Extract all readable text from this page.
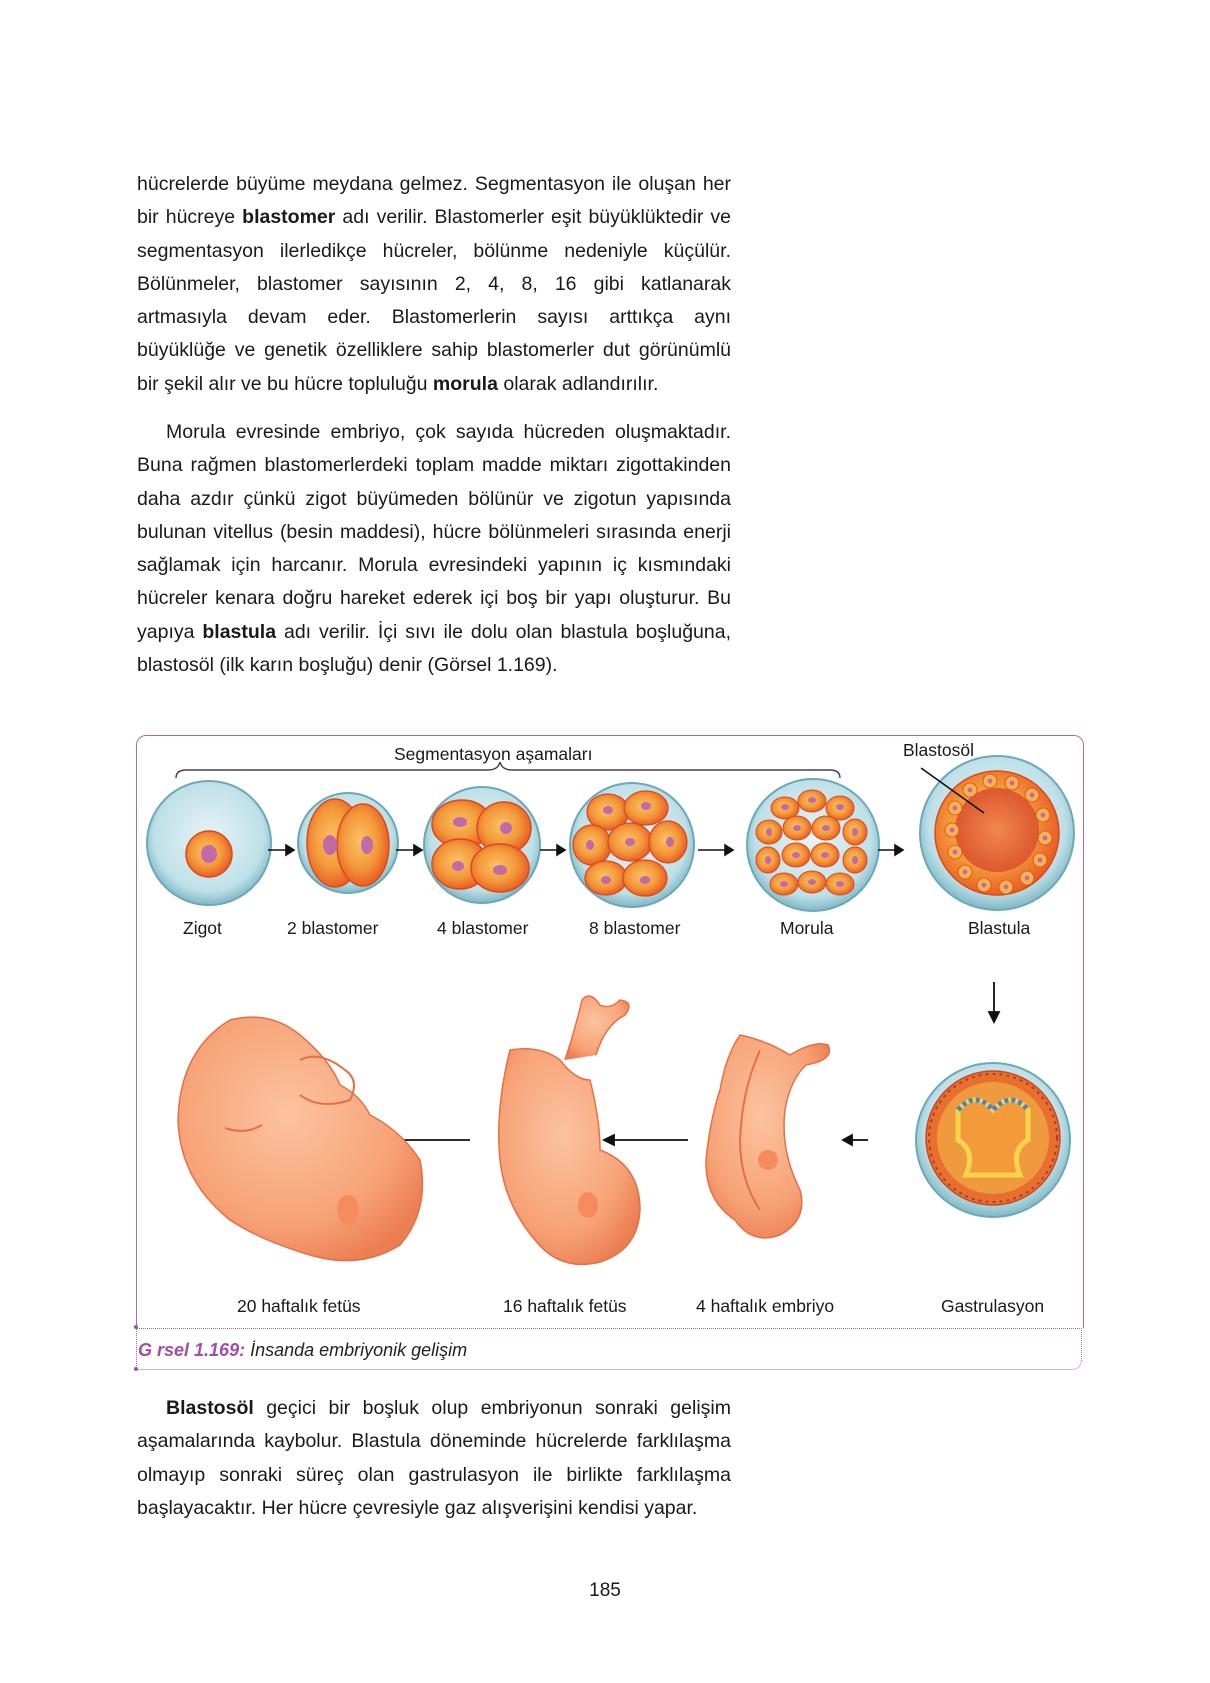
hücrelerde büyüme meydana gelmez. Segmentasyon ile oluşan her bir hücreye blastomer adı verilir. Blastomerler eşit büyüklüktedir ve segmentasyon ilerledikçe hücreler, bölünme nedeniyle küçülür. Bölünmeler, blastomer sayısının 2, 4, 8, 16 gibi katlanarak artmasıyla devam eder. Blastomerlerin sayısı arttıkça aynı büyüklüğe ve genetik özelliklere sahip blastomerler dut görünümlü bir şekil alır ve bu hücre topluluğu morula olarak adlandırılır.

Morula evresinde embriyo, çok sayıda hücreden oluşmaktadır. Buna rağmen blastomerlerdeki toplam madde miktarı zigottakinden daha azdır çünkü zigot büyümeden bölünür ve zigotun yapısında bulunan vitellus (besin maddesi), hücre bölünmeleri sırasında enerji sağlamak için harcanır. Morula evresindeki yapının iç kısmındaki hücreler kenara doğru hareket ederek içi boş bir yapı oluşturur. Bu yapıya blastula adı verilir. İçi sıvı ile dolu olan blastula boşluğuna, blastosöl (ilk karın boşluğu) denir (Görsel 1.169).

Segmentasyon aşamaları	Blastosöl
Zigot	2 blastomer	4 blastomer	8 blastomer	Morula	Blastula
20 haftalık fetüs	16 haftalık fetüs	4 haftalık embriyo	Gastrulasyon
G rsel 1.169: İnsanda embriyonik gelişim

Blastosöl geçici bir boşluk olup embriyonun sonraki gelişim aşamalarında kaybolur. Blastula döneminde hücrelerde farklılaşma olmayıp sonraki süreç olan gastrulasyon ile birlikte farklılaşma başlayacaktır. Her hücre çevresiyle gaz alışverişini kendisi yapar.

185
